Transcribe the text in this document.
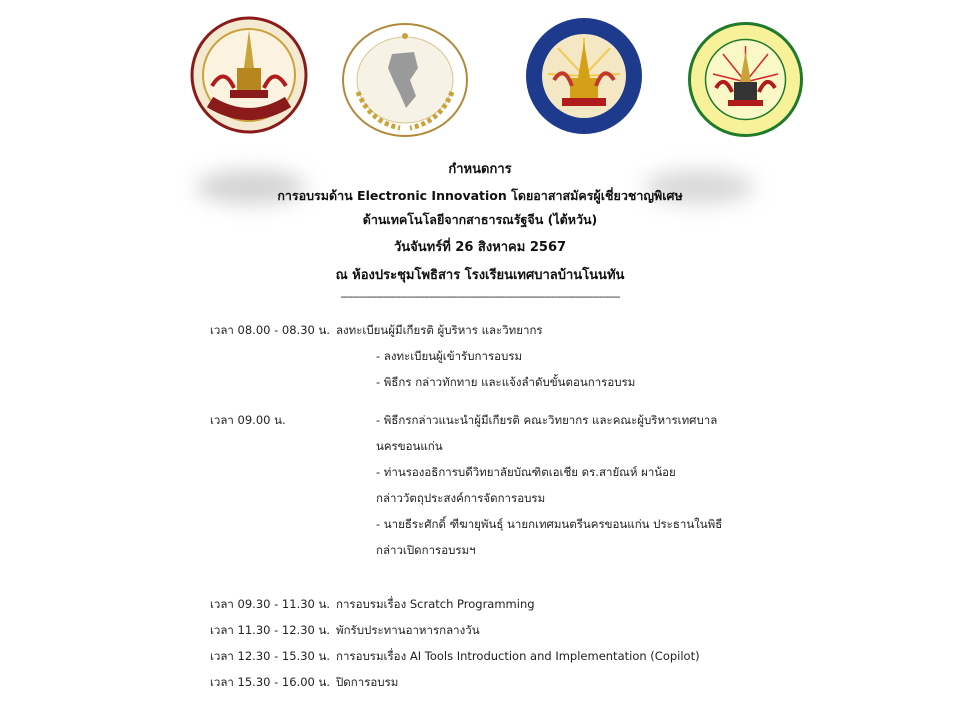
กำหนดการ
การอบรมด้าน Electronic Innovation โดยอาสาสมัครผู้เชี่ยวชาญพิเศษ
ด้านเทคโนโลยีจากสาธารณรัฐจีน (ไต้หวัน)
วันจันทร์ที่ 26 สิงหาคม 2567
ณ ห้องประชุมโพธิสาร โรงเรียนเทศบาลบ้านโนนทัน
----------------------------------------------------------------------------------------------
เวลา 08.00 - 08.30 น. ลงทะเบียนผู้มีเกียรติ ผู้บริหาร และวิทยากร
- ลงทะเบียนผู้เข้ารับการอบรม
- พิธีกร กล่าวทักทาย และแจ้งลำดับขั้นตอนการอบรม
เวลา 09.00 น.	- พิธีกรกล่าวแนะนำผู้มีเกียรติ คณะวิทยากร และคณะผู้บริหารเทศบาล
นครขอนแก่น
- ท่านรองอธิการบดีวิทยาลัยบัณฑิตเอเชีย ดร.สายัณห์ ผาน้อย
กล่าววัตถุประสงค์การจัดการอบรม
- นายธีระศักดิ์ ฑีฆายุพันธุ์ นายกเทศมนตรีนครขอนแก่น ประธานในพิธี
กล่าวเปิดการอบรมฯ
เวลา 09.30 - 11.30 น. การอบรมเรื่อง Scratch Programming
เวลา 11.30 - 12.30 น. พักรับประทานอาหารกลางวัน
เวลา 12.30 - 15.30 น. การอบรมเรื่อง AI Tools Introduction and Implementation (Copilot)
เวลา 15.30 - 16.00 น. ปิดการอบรม
